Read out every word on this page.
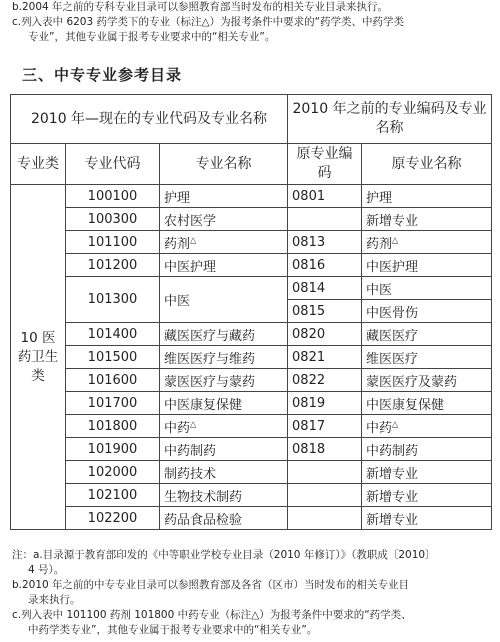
b.2004 年之前的专科专业目录可以参照教育部当时发布的相关专业目录来执行。
c.列入表中 6203 药学类下的专业（标注△）为报考条件中要求的“药学类、中药学类
专业”，其他专业属于报考专业要求中的“相关专业”。
三、中专专业参考目录
2010 年—现在的专业代码及专业名称			2010 年之前的专业编码及专业名称	
专业类	专业代码	专业名称	原专业编码	原专业名称
10 医药卫生类	100100	护理	0801	护理
	100300	农村医学		新增专业
	101100	药剂△	0813	药剂△
	101200	中医护理	0816	中医护理
	101300	中医	0814	中医
			0815	中医骨伤
	101400	藏医医疗与藏药	0820	藏医医疗
	101500	维医医疗与维药	0821	维医医疗
	101600	蒙医医疗与蒙药	0822	蒙医医疗及蒙药
	101700	中医康复保健	0819	中医康复保健
	101800	中药△	0817	中药△
	101900	中药制药	0818	中药制药
	102000	制药技术		新增专业
	102100	生物技术制药		新增专业
	102200	药品食品检验		新增专业
注：a.目录源于教育部印发的《中等职业学校专业目录（2010 年修订）》（教职成〔2010〕
4 号）。
b.2010 年之前的中专专业目录可以参照教育部及各省（区市）当时发布的相关专业目
录来执行。
c.列入表中 101100 药剂 101800 中药专业（标注△）为报考条件中要求的“药学类、
中药学类专业”，其他专业属于报考专业要求中的“相关专业”。
